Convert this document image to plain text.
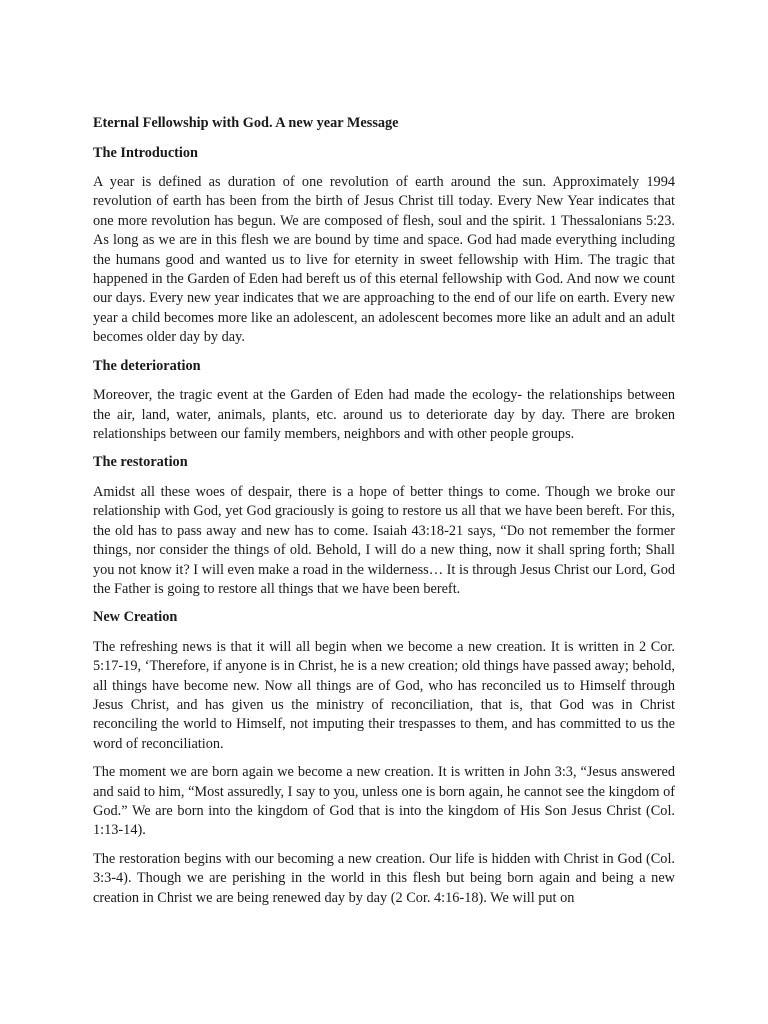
Eternal Fellowship with God. A new year Message
The Introduction

A year is defined as duration of one revolution of earth around the sun. Approximately 1994 revolution of earth has been from the birth of Jesus Christ till today. Every New Year indicates that one more revolution has begun. We are composed of flesh, soul and the spirit. 1 Thessalonians 5:23. As long as we are in this flesh we are bound by time and space. God had made everything including the humans good and wanted us to live for eternity in sweet fellowship with Him. The tragic that happened in the Garden of Eden had bereft us of this eternal fellowship with God. And now we count our days. Every new year indicates that we are approaching to the end of our life on earth. Every new year a child becomes more like an adolescent, an adolescent becomes more like an adult and an adult becomes older day by day.

The deterioration

Moreover, the tragic event at the Garden of Eden had made the ecology- the relationships between the air, land, water, animals, plants, etc. around us to deteriorate day by day. There are broken relationships between our family members, neighbors and with other people groups.

The restoration

Amidst all these woes of despair, there is a hope of better things to come. Though we broke our relationship with God, yet God graciously is going to restore us all that we have been bereft. For this, the old has to pass away and new has to come. Isaiah 43:18-21 says, “Do not remember the former things, nor consider the things of old. Behold, I will do a new thing, now it shall spring forth; Shall you not know it? I will even make a road in the wilderness… It is through Jesus Christ our Lord, God the Father is going to restore all things that we have been bereft.

New Creation

The refreshing news is that it will all begin when we become a new creation. It is written in 2 Cor. 5:17-19, ‘Therefore, if anyone is in Christ, he is a new creation; old things have passed away; behold, all things have become new. Now all things are of God, who has reconciled us to Himself through Jesus Christ, and has given us the ministry of reconciliation, that is, that God was in Christ reconciling the world to Himself, not imputing their trespasses to them, and has committed to us the word of reconciliation.

The moment we are born again we become a new creation. It is written in John 3:3, “Jesus answered and said to him, “Most assuredly, I say to you, unless one is born again, he cannot see the kingdom of God.” We are born into the kingdom of God that is into the kingdom of His Son Jesus Christ (Col. 1:13-14).

The restoration begins with our becoming a new creation. Our life is hidden with Christ in God (Col. 3:3-4). Though we are perishing in the world in this flesh but being born again and being a new creation in Christ we are being renewed day by day (2 Cor. 4:16-18). We will put on
